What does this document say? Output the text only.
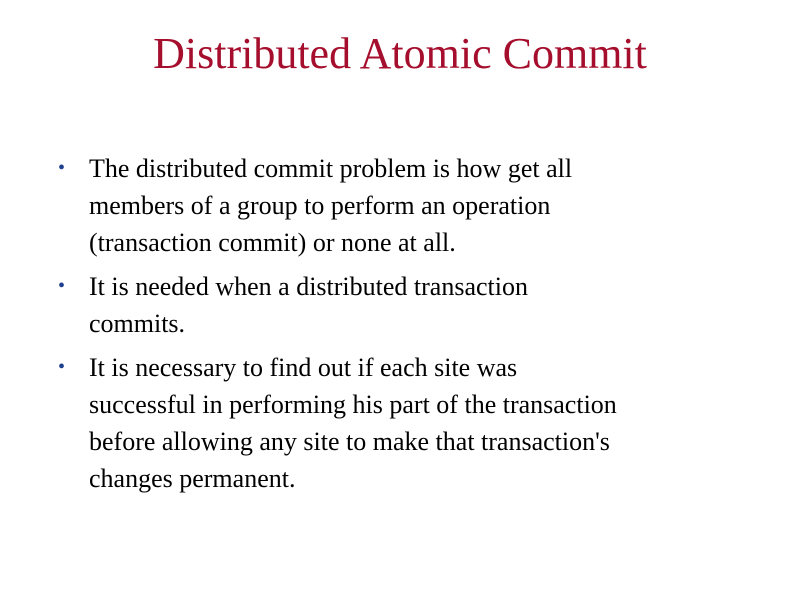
Distributed Atomic Commit
• The distributed commit problem is how get all
members of a group to perform an operation
(transaction commit) or none at all.
• It is needed when a distributed transaction
commits.
• It is necessary to find out if each site was
successful in performing his part of the transaction
before allowing any site to make that transaction's
changes permanent.
